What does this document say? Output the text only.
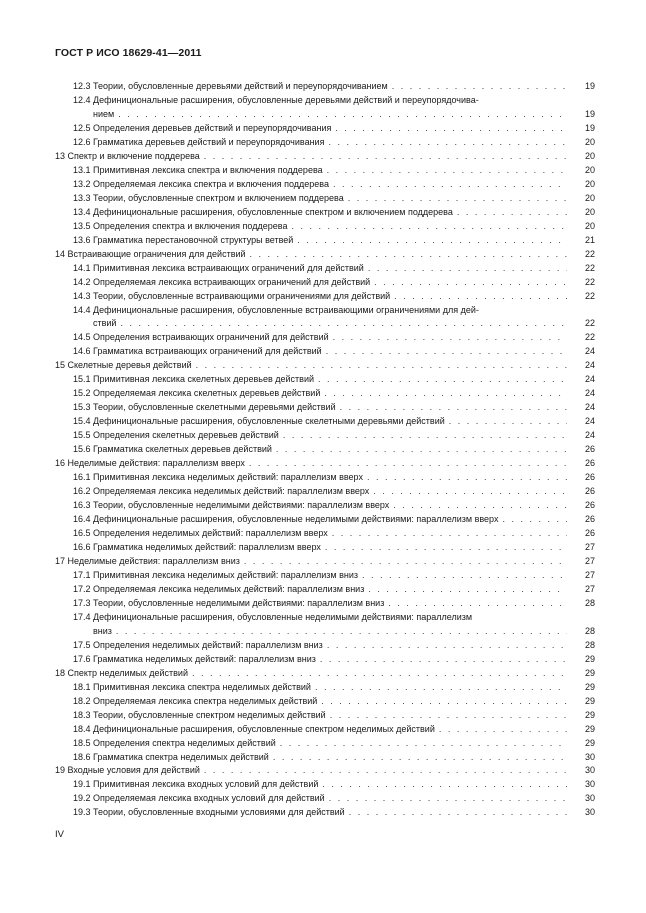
ГОСТ Р ИСО 18629-41—2011
12.3 Теории, обусловленные деревьями действий и переупорядочиванием . . .	19
12.4 Дефинициональные расширения, обусловленные деревьями действий и переупорядочива-
нием . . .	19
12.5 Определения деревьев действий и переупорядочивания . . .	19
12.6 Грамматика деревьев действий и переупорядочивания . . .	20
13 Спектр и включение поддерева . . .	20
13.1 Примитивная лексика спектра и включения поддерева . . .	20
13.2 Определяемая лексика спектра и включения поддерева . . .	20
13.3 Теории, обусловленные спектром и включением поддерева . . .	20
13.4 Дефинициональные расширения, обусловленные спектром и включением поддерева . . .	20
13.5 Определения спектра и включения поддерева . . .	20
13.6 Грамматика перестановочной структуры ветвей . . .	21
14 Встраивающие ограничения для действий . . .	22
14.1 Примитивная лексика встраивающих ограничений для действий . . .	22
14.2 Определяемая лексика встраивающих ограничений для действий . . .	22
14.3 Теории, обусловленные встраивающими ограничениями для действий . . .	22
14.4 Дефинициональные расширения, обусловленные встраивающими ограничениями для дей-
ствий . . .	22
14.5 Определения встраивающих ограничений для действий . . .	22
14.6 Грамматика встраивающих ограничений для действий . . .	24
15 Скелетные деревья действий . . .	24
15.1 Примитивная лексика скелетных деревьев действий . . .	24
15.2 Определяемая лексика скелетных деревьев действий . . .	24
15.3 Теории, обусловленные скелетными деревьями действий . . .	24
15.4 Дефинициональные расширения, обусловленные скелетными деревьями действий . . .	24
15.5 Определения скелетных деревьев действий . . .	24
15.6 Грамматика скелетных деревьев действий . . .	26
16 Неделимые действия: параллелизм вверх . . .	26
16.1 Примитивная лексика неделимых действий: параллелизм вверх . . .	26
16.2 Определяемая лексика неделимых действий: параллелизм вверх . . .	26
16.3 Теории, обусловленные неделимыми действиями: параллелизм вверх . . .	26
16.4 Дефинициональные расширения, обусловленные неделимыми действиями: параллелизм вверх . . .	26
16.5 Определения неделимых действий: параллелизм вверх . . .	26
16.6 Грамматика неделимых действий: параллелизм вверх . . .	27
17 Неделимые действия: параллелизм вниз . . .	27
17.1 Примитивная лексика неделимых действий: параллелизм вниз . . .	27
17.2 Определяемая лексика неделимых действий: параллелизм вниз . . .	27
17.3 Теории, обусловленные неделимыми действиями: параллелизм вниз . . .	28
17.4 Дефинициональные расширения, обусловленные неделимыми действиями: параллелизм
вниз . . .	28
17.5 Определения неделимых действий: параллелизм вниз . . .	28
17.6 Грамматика неделимых действий: параллелизм вниз . . .	29
18 Спектр неделимых действий . . .	29
18.1 Примитивная лексика спектра неделимых действий . . .	29
18.2 Определяемая лексика спектра неделимых действий . . .	29
18.3 Теории, обусловленные спектром неделимых действий . . .	29
18.4 Дефинициональные расширения, обусловленные спектром неделимых действий . . .	29
18.5 Определения спектра неделимых действий . . .	29
18.6 Грамматика спектра неделимых действий . . .	30
19 Входные условия для действий . . .	30
19.1 Примитивная лексика входных условий для действий . . .	30
19.2 Определяемая лексика входных условий для действий . . .	30
19.3 Теории, обусловленные входными условиями для действий . . .	30
IV
